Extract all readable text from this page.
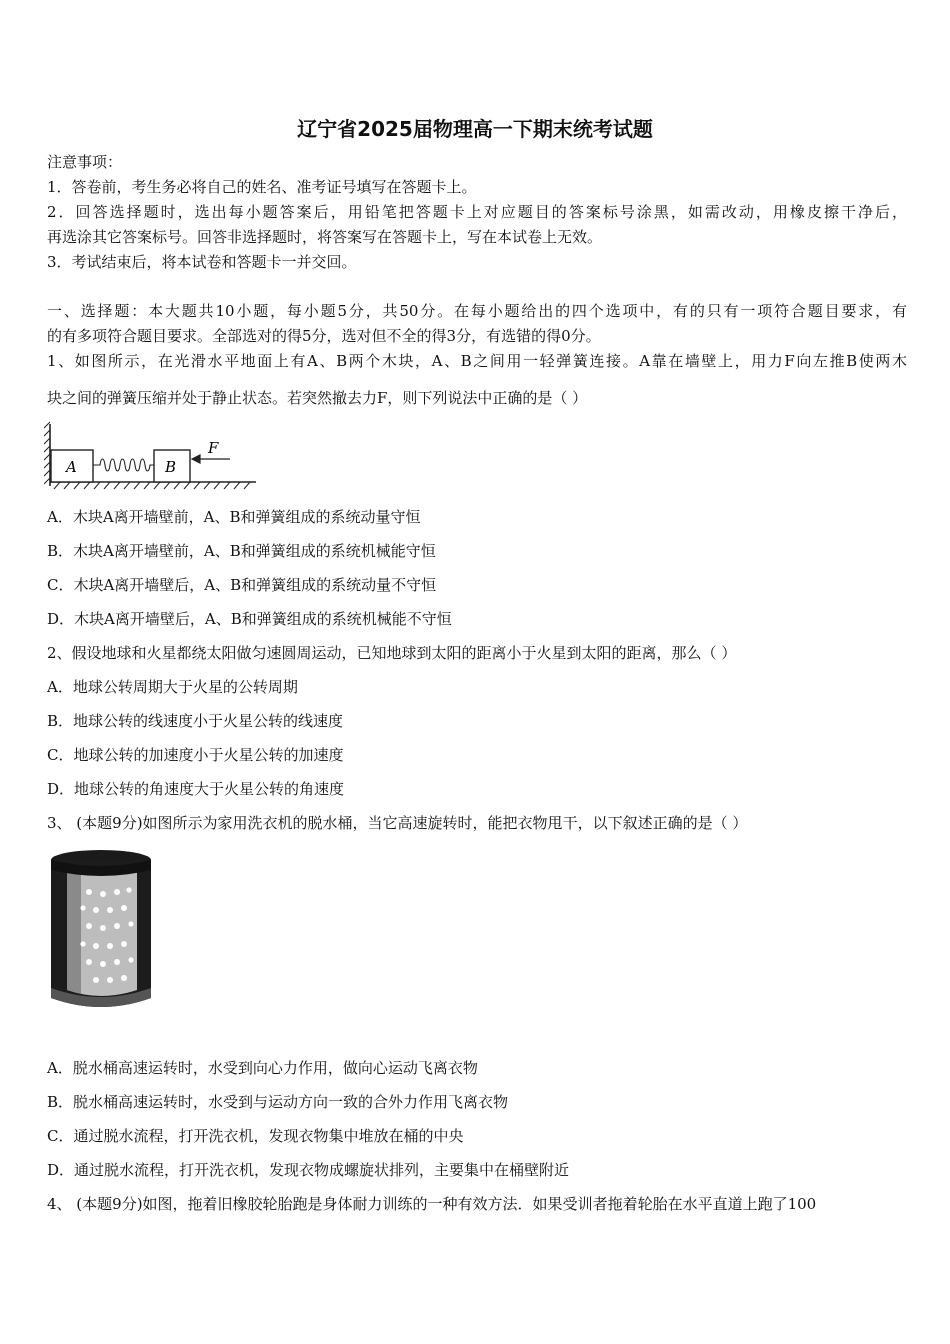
辽宁省2025届物理高一下期末统考试题
注意事项：
1．答卷前，考生务必将自己的姓名、准考证号填写在答题卡上。
2．回答选择题时，选出每小题答案后，用铅笔把答题卡上对应题目的答案标号涂黑，如需改动，用橡皮擦干净后，
再选涂其它答案标号。回答非选择题时，将答案写在答题卡上，写在本试卷上无效。
3．考试结束后，将本试卷和答题卡一并交回。
一、选择题：本大题共10小题，每小题5分，共50分。在每小题给出的四个选项中，有的只有一项符合题目要求，有
的有多项符合题目要求。全部选对的得5分，选对但不全的得3分，有选错的得0分。
1、如图所示，在光滑水平地面上有A、B两个木块，A、B之间用一轻弹簧连接。A靠在墙壁上，用力F向左推B使两木
块之间的弹簧压缩并处于静止状态。若突然撤去力F，则下列说法中正确的是（ ）
A	B
F
A．木块A离开墙壁前，A、B和弹簧组成的系统动量守恒
B．木块A离开墙壁前，A、B和弹簧组成的系统机械能守恒
C．木块A离开墙壁后，A、B和弹簧组成的系统动量不守恒
D．木块A离开墙壁后，A、B和弹簧组成的系统机械能不守恒
2、假设地球和火星都绕太阳做匀速圆周运动，已知地球到太阳的距离小于火星到太阳的距离，那么（ ）
A．地球公转周期大于火星的公转周期
B．地球公转的线速度小于火星公转的线速度
C．地球公转的加速度小于火星公转的加速度
D．地球公转的角速度大于火星公转的角速度
3、 (本题9分)如图所示为家用洗衣机的脱水桶，当它高速旋转时，能把衣物甩干，以下叙述正确的是（ ）
A．脱水桶高速运转时，水受到向心力作用，做向心运动飞离衣物
B．脱水桶高速运转时，水受到与运动方向一致的合外力作用飞离衣物
C．通过脱水流程，打开洗衣机，发现衣物集中堆放在桶的中央
D．通过脱水流程，打开洗衣机，发现衣物成螺旋状排列，主要集中在桶壁附近
4、 (本题9分)如图，拖着旧橡胶轮胎跑是身体耐力训练的一种有效方法．如果受训者拖着轮胎在水平直道上跑了100
